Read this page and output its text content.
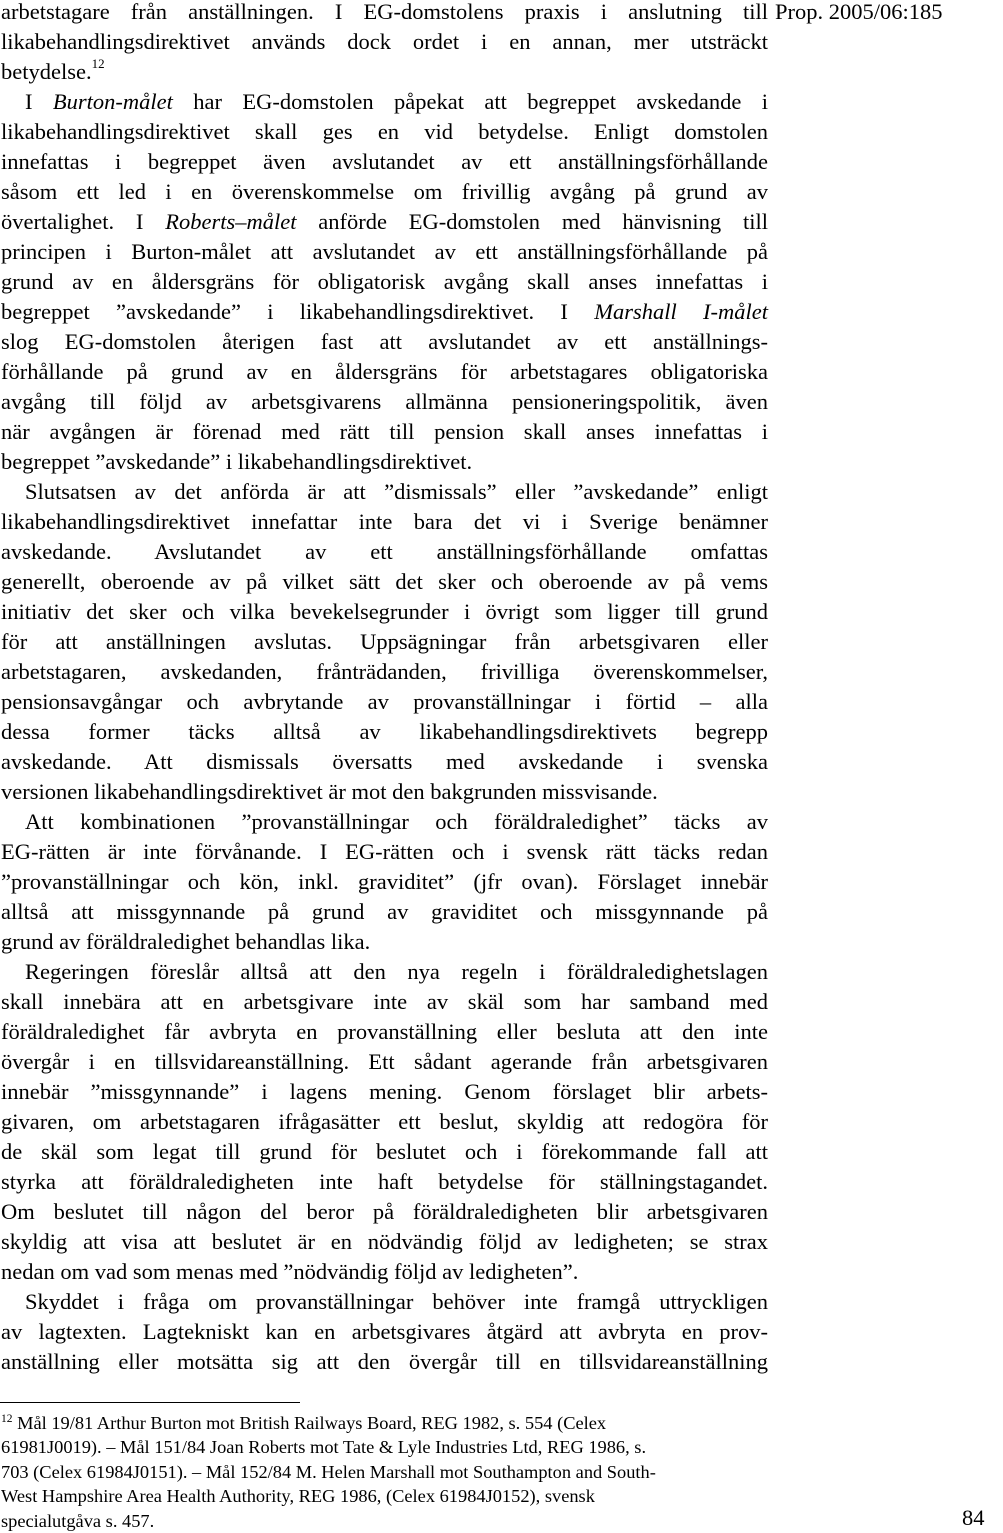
Prop. 2005/06:185
arbetstagare från anställningen. I EG-domstolens praxis i anslutning till
likabehandlingsdirektivet används dock ordet i en annan, mer utsträckt
betydelse.$^{12}$
I Burton-målet har EG-domstolen påpekat att begreppet avskedande i
likabehandlingsdirektivet skall ges en vid betydelse. Enligt domstolen
innefattas i begreppet även avslutandet av ett anställningsförhållande
såsom ett led i en överenskommelse om frivillig avgång på grund av
övertalighet. I Roberts–målet anförde EG-domstolen med hänvisning till
principen i Burton-målet att avslutandet av ett anställningsförhållande på
grund av en åldersgräns för obligatorisk avgång skall anses innefattas i
begreppet ”avskedande” i likabehandlingsdirektivet. I Marshall I-målet
slog EG-domstolen återigen fast att avslutandet av ett anställnings-
förhållande på grund av en åldersgräns för arbetstagares obligatoriska
avgång till följd av arbetsgivarens allmänna pensioneringspolitik, även
när avgången är förenad med rätt till pension skall anses innefattas i
begreppet ”avskedande” i likabehandlingsdirektivet.
Slutsatsen av det anförda är att ”dismissals” eller ”avskedande” enligt
likabehandlingsdirektivet innefattar inte bara det vi i Sverige benämner
avskedande. Avslutandet av ett anställningsförhållande omfattas
generellt, oberoende av på vilket sätt det sker och oberoende av på vems
initiativ det sker och vilka bevekelsegrunder i övrigt som ligger till grund
för att anställningen avslutas. Uppsägningar från arbetsgivaren eller
arbetstagaren, avskedanden, frånträdanden, frivilliga överenskommelser,
pensionsavgångar och avbrytande av provanställningar i förtid – alla
dessa former täcks alltså av likabehandlingsdirektivets begrepp
avskedande. Att dismissals översatts med avskedande i svenska
versionen likabehandlingsdirektivet är mot den bakgrunden missvisande.
Att kombinationen ”provanställningar och föräldraledighet” täcks av
EG-rätten är inte förvånande. I EG-rätten och i svensk rätt täcks redan
”provanställningar och kön, inkl. graviditet” (jfr ovan). Förslaget innebär
alltså att missgynnande på grund av graviditet och missgynnande på
grund av föräldraledighet behandlas lika.
Regeringen föreslår alltså att den nya regeln i föräldraledighetslagen
skall innebära att en arbetsgivare inte av skäl som har samband med
föräldraledighet får avbryta en provanställning eller besluta att den inte
övergår i en tillsvidareanställning. Ett sådant agerande från arbetsgivaren
innebär ”missgynnande” i lagens mening. Genom förslaget blir arbets-
givaren, om arbetstagaren ifrågasätter ett beslut, skyldig att redogöra för
de skäl som legat till grund för beslutet och i förekommande fall att
styrka att föräldraledigheten inte haft betydelse för ställningstagandet.
Om beslutet till någon del beror på föräldraledigheten blir arbetsgivaren
skyldig att visa att beslutet är en nödvändig följd av ledigheten; se strax
nedan om vad som menas med ”nödvändig följd av ledigheten”.
Skyddet i fråga om provanställningar behöver inte framgå uttryckligen
av lagtexten. Lagtekniskt kan en arbetsgivares åtgärd att avbryta en prov-
anställning eller motsätta sig att den övergår till en tillsvidareanställning
$^{12}$ Mål 19/81 Arthur Burton mot British Railways Board, REG 1982, s. 554 (Celex
61981J0019). – Mål 151/84 Joan Roberts mot Tate & Lyle Industries Ltd, REG 1986, s.
703 (Celex 61984J0151). – Mål 152/84 M. Helen Marshall mot Southampton and South-
West Hampshire Area Health Authority, REG 1986, (Celex 61984J0152), svensk
specialutgåva s. 457.	84
